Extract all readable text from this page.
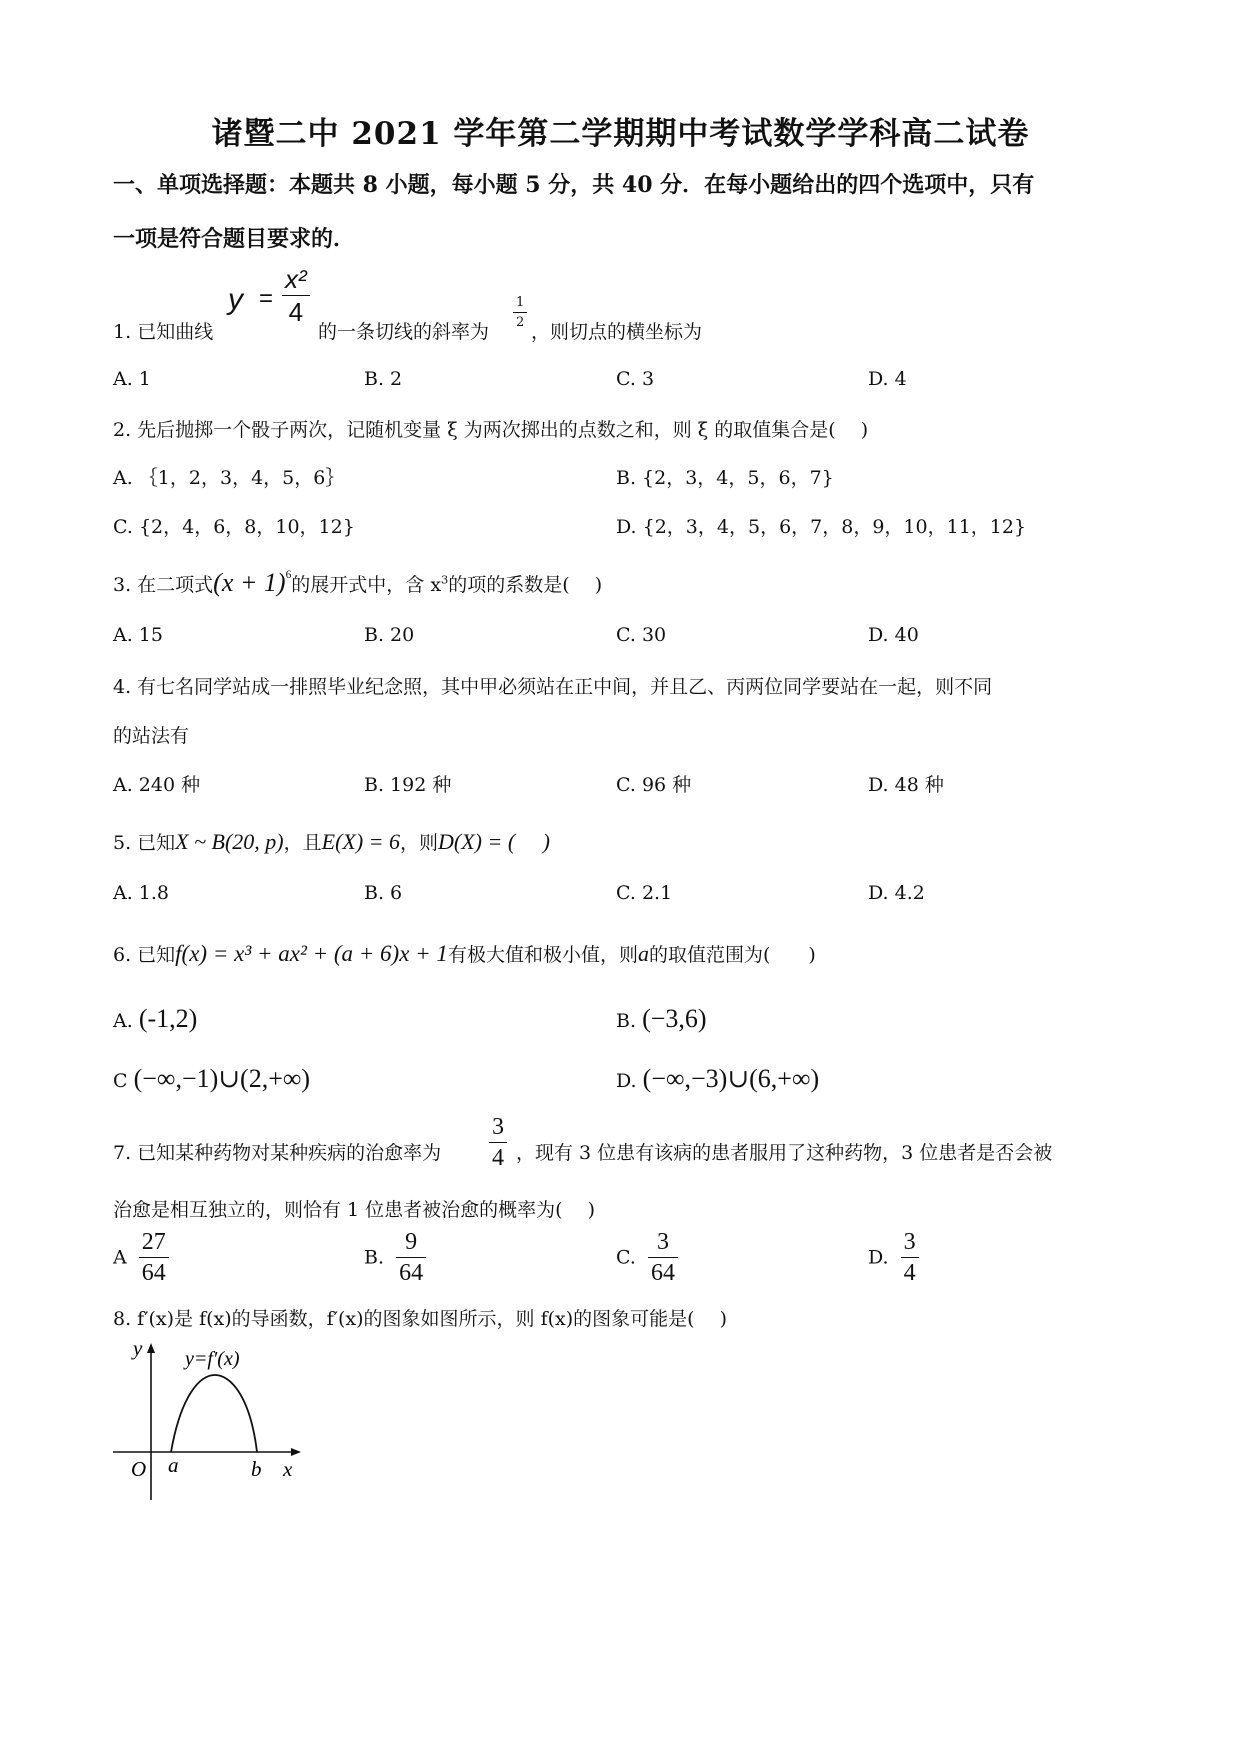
诸暨二中 2021 学年第二学期期中考试数学学科高二试卷
一、单项选择题：本题共 8 小题，每小题 5 分，共 40 分．在每小题给出的四个选项中，只有
一项是符合题目要求的．
1. 已知曲线
$y = \frac{\text{x²}}{4}$
的一条切线的斜率为
$\frac{1}{2}$
，则切点的横坐标为
A. 1	B. 2	C. 3	D. 4
2. 先后抛掷一个骰子两次，记随机变量 ξ 为两次掷出的点数之和，则 ξ 的取值集合是(　 )
A. ｛1，2，3，4，5，6｝	B. {2，3，4，5，6，7}
C. {2，4，6，8，10，12}	D. {2，3，4，5，6，7，8，9，10，11，12}
3. 在二项式$(x + 1)^6$的展开式中，含 $x^3$的项的系数是(　 )
A. 15	B. 20	C. 30	D. 40
4. 有七名同学站成一排照毕业纪念照，其中甲必须站在正中间，并且乙、丙两位同学要站在一起，则不同
的站法有
A. 240 种	B. 192 种	C. 96 种	D. 48 种
5. 已知X ~ B(20, p)，且E(X) = 6，则D(X) = (　 )
A. 1.8	B. 6	C. 2.1	D. 4.2
6. 已知f(x) = x³ + ax² + (a + 6)x + 1有极大值和极小值，则a的取值范围为(　　)
A. (-1,2)	B. (−3,6)
C (−∞,−1)∪(2,+∞)	D. (−∞,−3)∪(6,+∞)
7. 已知某种药物对某种疾病的治愈率为 $\frac{3}{4}$ ，现有 3 位患有该病的患者服用了这种药物，3 位患者是否会被
治愈是相互独立的，则恰有 1 位患者被治愈的概率为(　 )
A $\frac{27}{64}$	B. $\frac{9}{64}$	C. $\frac{3}{64}$	D. $\frac{3}{4}$
8. f′(x)是 f(x)的导函数，f′(x)的图象如图所示，则 f(x)的图象可能是(　 )
y y=f′(x)
O a	b x
